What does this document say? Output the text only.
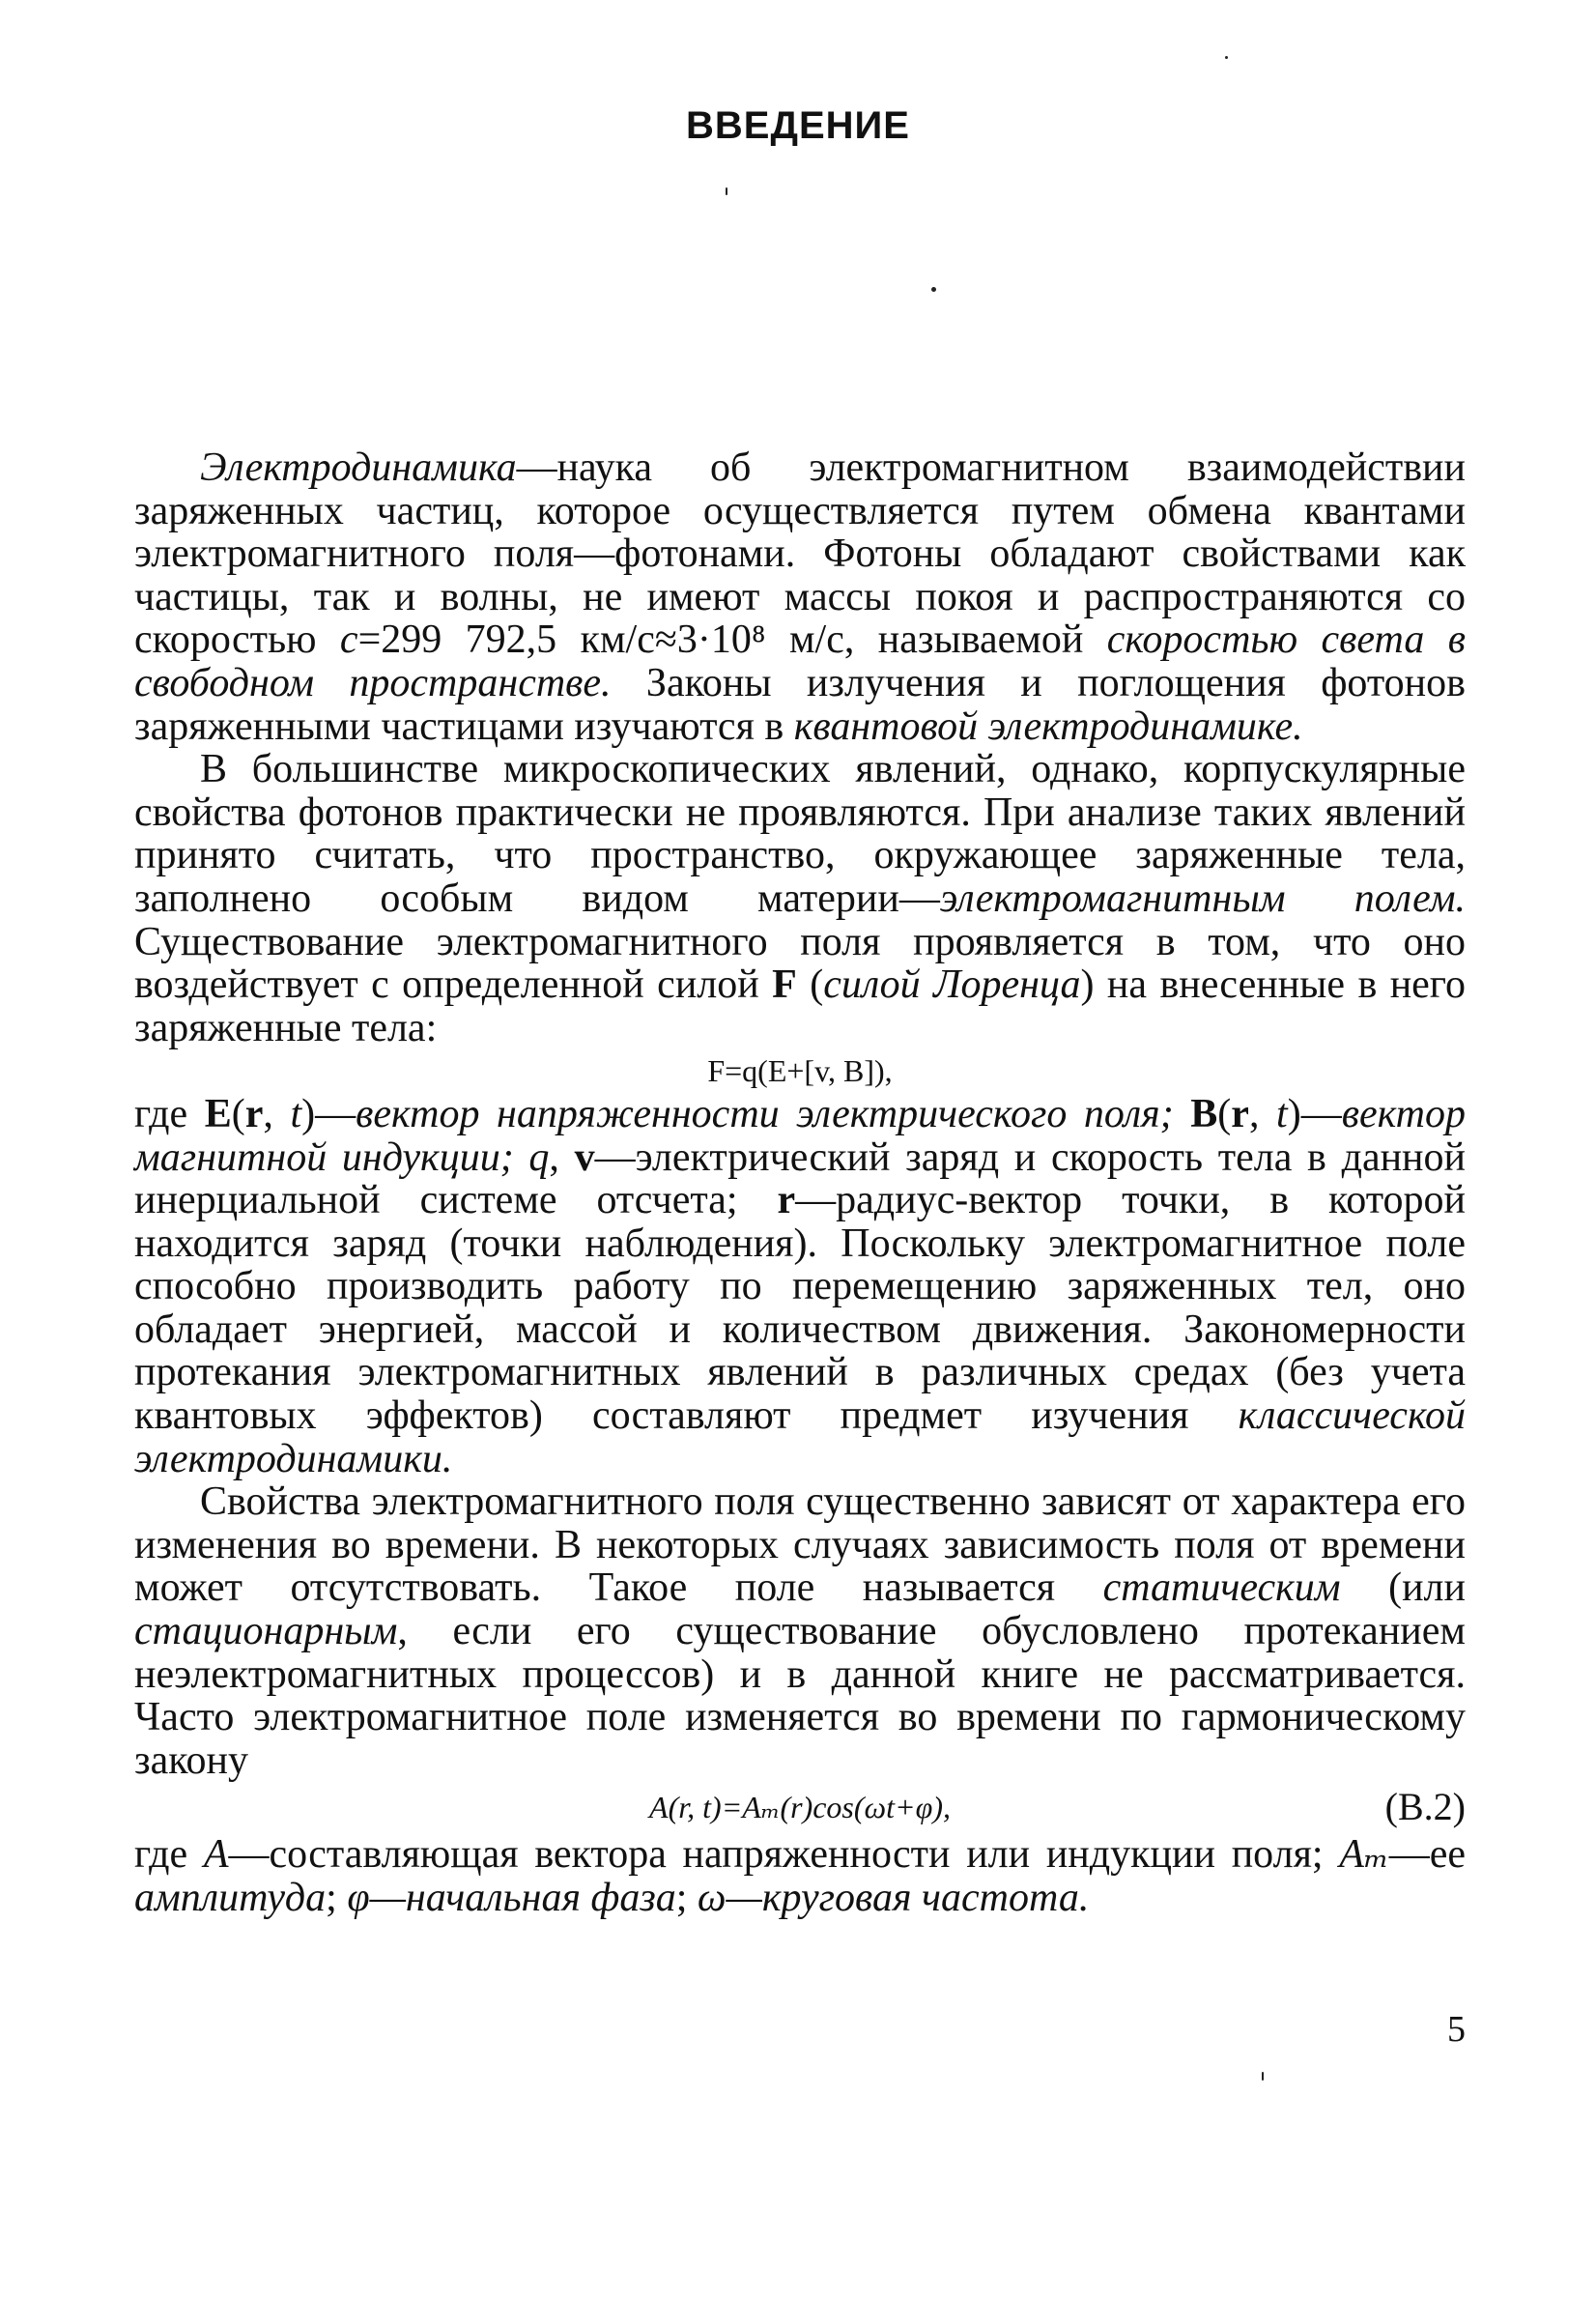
ВВЕДЕНИЕ

Электродинамика—наука об электромагнитном взаимодействии заряженных частиц, которое осуществляется путем обмена квантами электромагнитного поля—фотонами. Фотоны обладают свойствами как частицы, так и волны, не имеют массы покоя и распространяются со скоростью c=299 792,5 км/с≈3·10⁸ м/с, называемой скоростью света в свободном пространстве. Законы излучения и поглощения фотонов заряженными частицами изучаются в квантовой электродинамике.

В большинстве микроскопических явлений, однако, корпускулярные свойства фотонов практически не проявляются. При анализе таких явлений принято считать, что пространство, окружающее заряженные тела, заполнено особым видом материи—электромагнитным полем. Существование электромагнитного поля проявляется в том, что оно воздействует с определенной силой F (силой Лоренца) на внесенные в него заряженные тела:

F=q(E+[v, B]),

где E(r, t)—вектор напряженности электрического поля; B(r, t)—вектор магнитной индукции; q, v—электрический заряд и скорость тела в данной инерциальной системе отсчета; r—радиус-вектор точки, в которой находится заряд (точки наблюдения). Поскольку электромагнитное поле способно производить работу по перемещению заряженных тел, оно обладает энергией, массой и количеством движения. Закономерности протекания электромагнитных явлений в различных средах (без учета квантовых эффектов) составляют предмет изучения классической электродинамики.

Свойства электромагнитного поля существенно зависят от характера его изменения во времени. В некоторых случаях зависимость поля от времени может отсутствовать. Такое поле называется статическим (или стационарным, если его существование обусловлено протеканием неэлектромагнитных процессов) и в данной книге не рассматривается. Часто электромагнитное поле изменяется во времени по гармоническому закону

A(r, t)=Aₘ(r)cos(ωt+φ),	(В.2)

где A—составляющая вектора напряженности или индукции поля; Aₘ—ее амплитуда; φ—начальная фаза; ω—круговая частота.

5
